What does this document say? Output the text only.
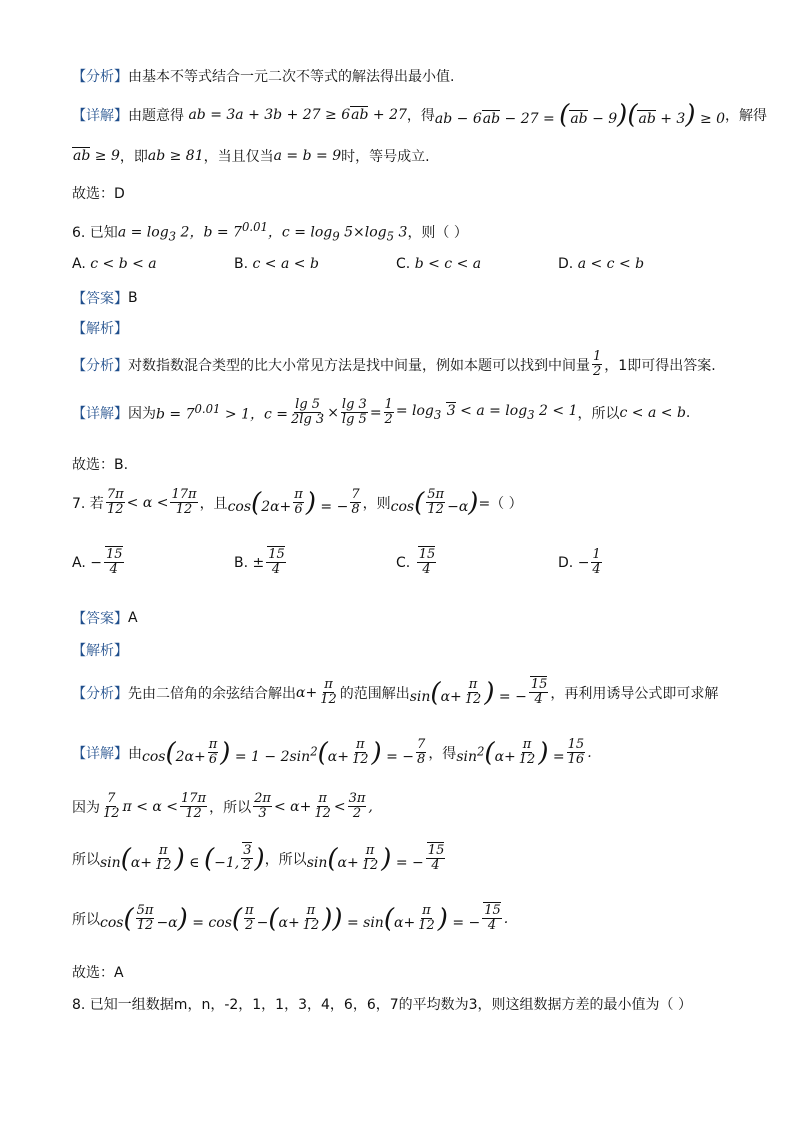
【分析】 由基本不等式结合一元二次不等式的解法得出最小值.
【详解】 由题意得 ab = 3a + 3b + 27 ≥ 6ab + 27 ，得 ab − 6ab − 27 = (ab − 9)(ab + 3) ≥ 0 ，解得
ab ≥ 9 ，即 ab ≥ 81 ，当且仅当 a = b = 9 时，等号成立.
故选：D
6. 已知 $a = \log_3 2$，$b = 7^{0.01}$，$c = \log_9 5\times\log_5$ 3 ，则（ ）
A.
c < b < a	B.
c < a < b	C.
b < c < a	D.
a < c < b
【答案】 B
【解析】
【分析】 对数指数混合类型的比大小常见方法是找中间量，例如本题可以找到中间量 $\frac{1}{2}$ ，1即可得出答案.
【详解】 因为 $b = 7^{0.01} > 1$，$c = \frac{\lg 5}{2\lg 3} \times \frac{\lg 3}{\lg 5} = \frac{1}{2} = \log_3 3 < a = \log_3 2 < 1$ ，所以 c < a < b .
故选：B.
7. 若 $\frac{7\pi}{12} < \alpha < \frac{17\pi}{12}$ ，且 $\cos(2\alpha+ \frac{\pi}{6}$ ) = − $\frac{7}{8}$ ，则 $\cos( \frac{5\pi}{12} -\alpha)$ =（ ）
A.
− $\frac{15}{4}$	B.
± $\frac{15}{4}$	C.
$\frac{15}{4}$	D.
− $\frac{1}{4}$
【答案】 A
【解析】
【分析】 先由二倍角的余弦结合解出 $\alpha+ \frac{\pi}{12}$ 的范围解出 $\sin(\alpha+ \frac{\pi}{12}$ ) = − $\frac{15}{4}$ ，再利用诱导公式即可求解
【详解】 由 $\cos(2\alpha+ \frac{\pi}{6}$ ) = $1 - 2\sin^2(\alpha+ \frac{\pi}{12}$ ) = − $\frac{7}{8}$ ，得 $\sin^2(\alpha+ \frac{\pi}{12}$ ) = $\frac{15}{16}$ .
因为 $\frac{7}{12}$ $\pi < \alpha < \frac{17\pi}{12}$ ，所以 $\frac{2\pi}{3} < \alpha+ \frac{\pi}{12} < \frac{3\pi}{2}$ ,
所以 $\sin(\alpha+ \frac{\pi}{12}$ ) ∈ (−1, $\frac{3}{2}$ ) ，所以 $\sin(\alpha+ \frac{\pi}{12}$ ) = − $\frac{15}{4}$
所以 $\cos( \frac{5\pi}{12} -\alpha) = \cos( \frac{\pi}{2} -(\alpha+ \frac{\pi}{12}$ )) = $\sin(\alpha+ \frac{\pi}{12}$ ) = − $\frac{15}{4}$ .
故选：A
8. 已知一组数据m，n，-2，1，1，3，4，6，6，7的平均数为3，则这组数据方差的最小值为（ ）
